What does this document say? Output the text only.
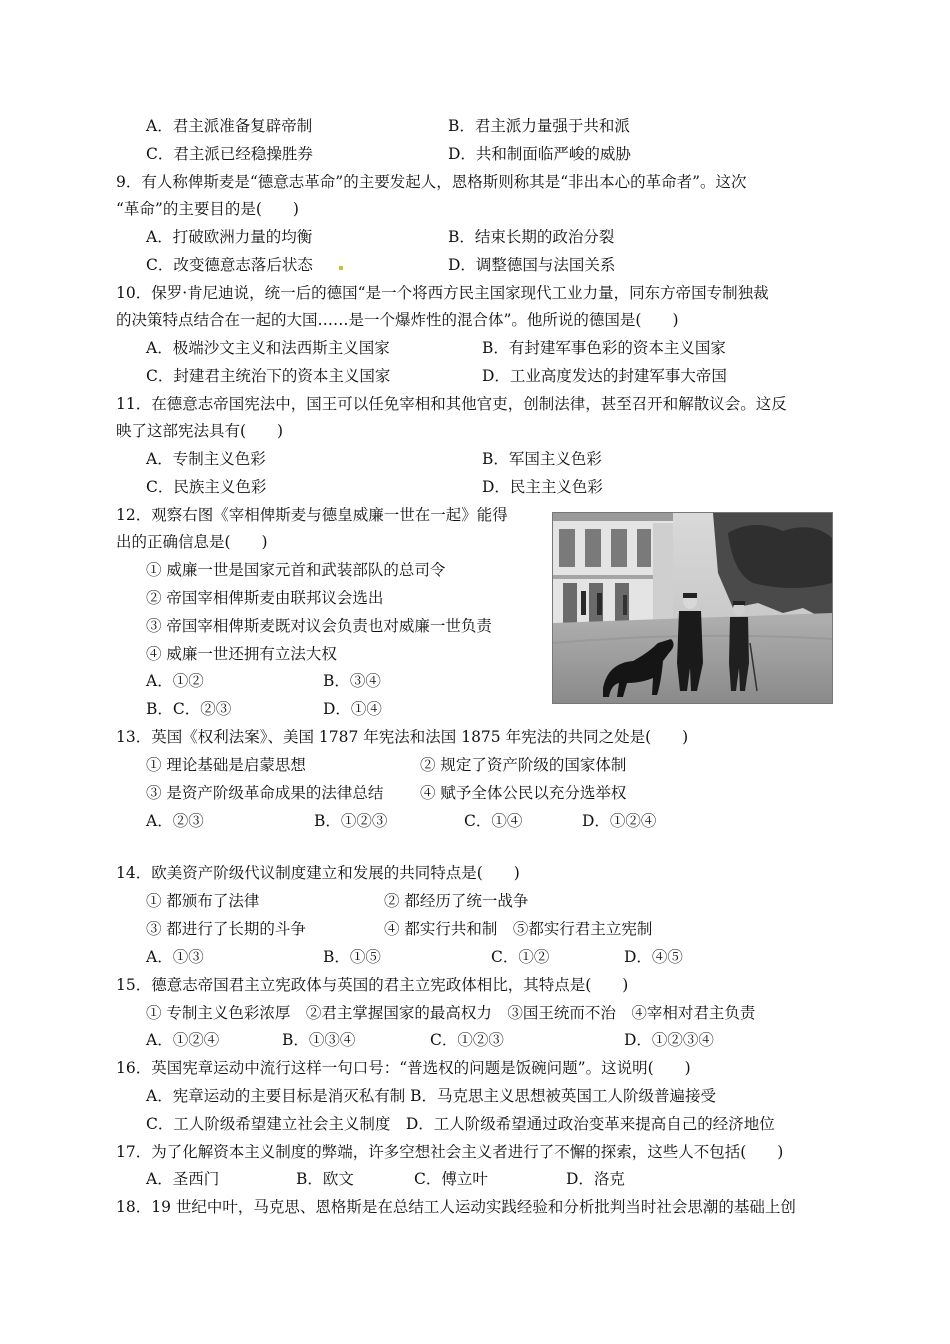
A．君主派准备复辟帝制	B．君主派力量强于共和派
C．君主派已经稳操胜券	D．共和制面临严峻的威胁
9．有人称俾斯麦是“德意志革命”的主要发起人，恩格斯则称其是“非出本心的革命者”。这次
“革命”的主要目的是(　　)
A．打破欧洲力量的均衡	B．结束长期的政治分裂
C．改变德意志落后状态	D．调整德国与法国关系
10．保罗·肯尼迪说，统一后的德国“是一个将西方民主国家现代工业力量，同东方帝国专制独裁
的决策特点结合在一起的大国……是一个爆炸性的混合体”。他所说的德国是(　　)
A．极端沙文主义和法西斯主义国家	B．有封建军事色彩的资本主义国家
C．封建君主统治下的资本主义国家	D．工业高度发达的封建军事大帝国
11．在德意志帝国宪法中，国王可以任免宰相和其他官吏，创制法律，甚至召开和解散议会。这反
映了这部宪法具有(　　)
A．专制主义色彩	B．军国主义色彩
C．民族主义色彩	D．民主主义色彩
12．观察右图《宰相俾斯麦与德皇威廉一世在一起》能得
出的正确信息是(　　)
① 威廉一世是国家元首和武装部队的总司令
② 帝国宰相俾斯麦由联邦议会选出
③ 帝国宰相俾斯麦既对议会负责也对威廉一世负责
④ 威廉一世还拥有立法大权
A．①②	B．③④
B．C．②③	D．①④
13．英国《权利法案》、美国 1787 年宪法和法国 1875 年宪法的共同之处是(　　)
① 理论基础是启蒙思想	② 规定了资产阶级的国家体制
③ 是资产阶级革命成果的法律总结 ④ 赋予全体公民以充分选举权
A．②③	B．①②③	C．①④	D．①②④
14．欧美资产阶级代议制度建立和发展的共同特点是(　　)
① 都颁布了法律	② 都经历了统一战争
③ 都进行了长期的斗争	④ 都实行共和制　⑤都实行君主立宪制
A．①③	B．①⑤	C．①②	D．④⑤
15．德意志帝国君主立宪政体与英国的君主立宪政体相比，其特点是(　　)
① 专制主义色彩浓厚　②君主掌握国家的最高权力　③国王统而不治　④宰相对君主负责
A．①②④	B．①③④	C．①②③	D．①②③④
16．英国宪章运动中流行这样一句口号：“普选权的问题是饭碗问题”。这说明(　　)
A．宪章运动的主要目标是消灭私有制 B．马克思主义思想被英国工人阶级普遍接受
C．工人阶级希望建立社会主义制度　D．工人阶级希望通过政治变革来提高自己的经济地位
17．为了化解资本主义制度的弊端，许多空想社会主义者进行了不懈的探索，这些人不包括(　　)
A．圣西门	B．欧文	C．傅立叶	D．洛克
18．19 世纪中叶，马克思、恩格斯是在总结工人运动实践经验和分析批判当时社会思潮的基础上创
